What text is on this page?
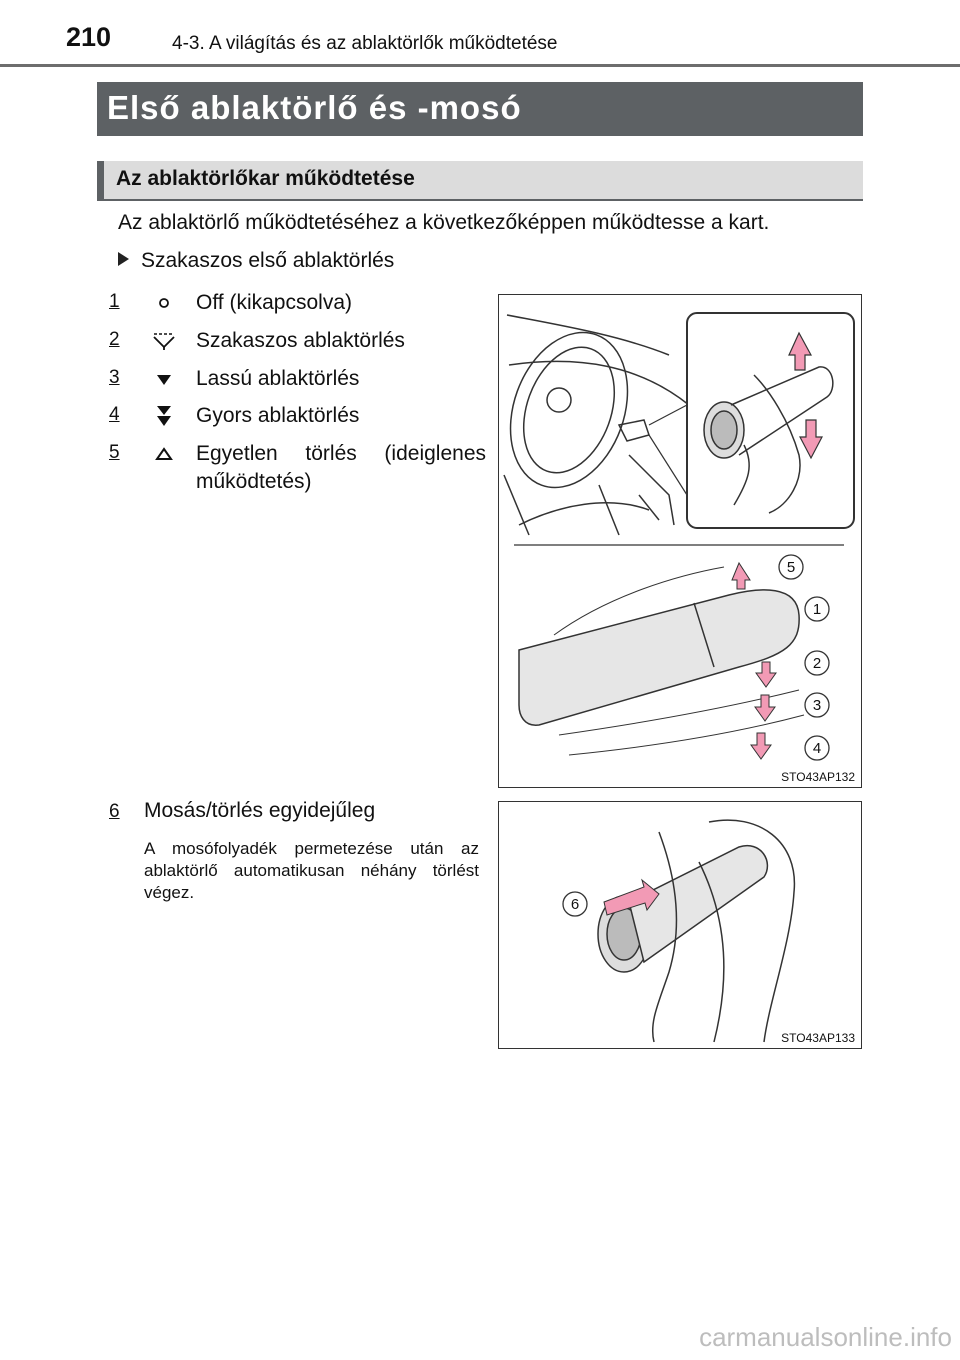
210	4-3. A világítás és az ablaktörlők működtetése
Első ablaktörlő és -mosó
Az ablaktörlőkar működtetése
Az ablaktörlő működtetéséhez a következőképpen működtesse a kart.
Szakaszos első ablaktörlés
1	Off (kikapcsolva)
2	Szakaszos ablaktörlés
3	Lassú ablaktörlés
4	Gyors ablaktörlés
5	Egyetlen törlés (ideiglenes működtetés)
5
1
2
3
4
STO43AP132
6 Mosás/törlés egyidejűleg
A mosófolyadék permetezése után az ablaktörlő automatikusan néhány törlést végez.
6
STO43AP133
carmanualsonline.info
